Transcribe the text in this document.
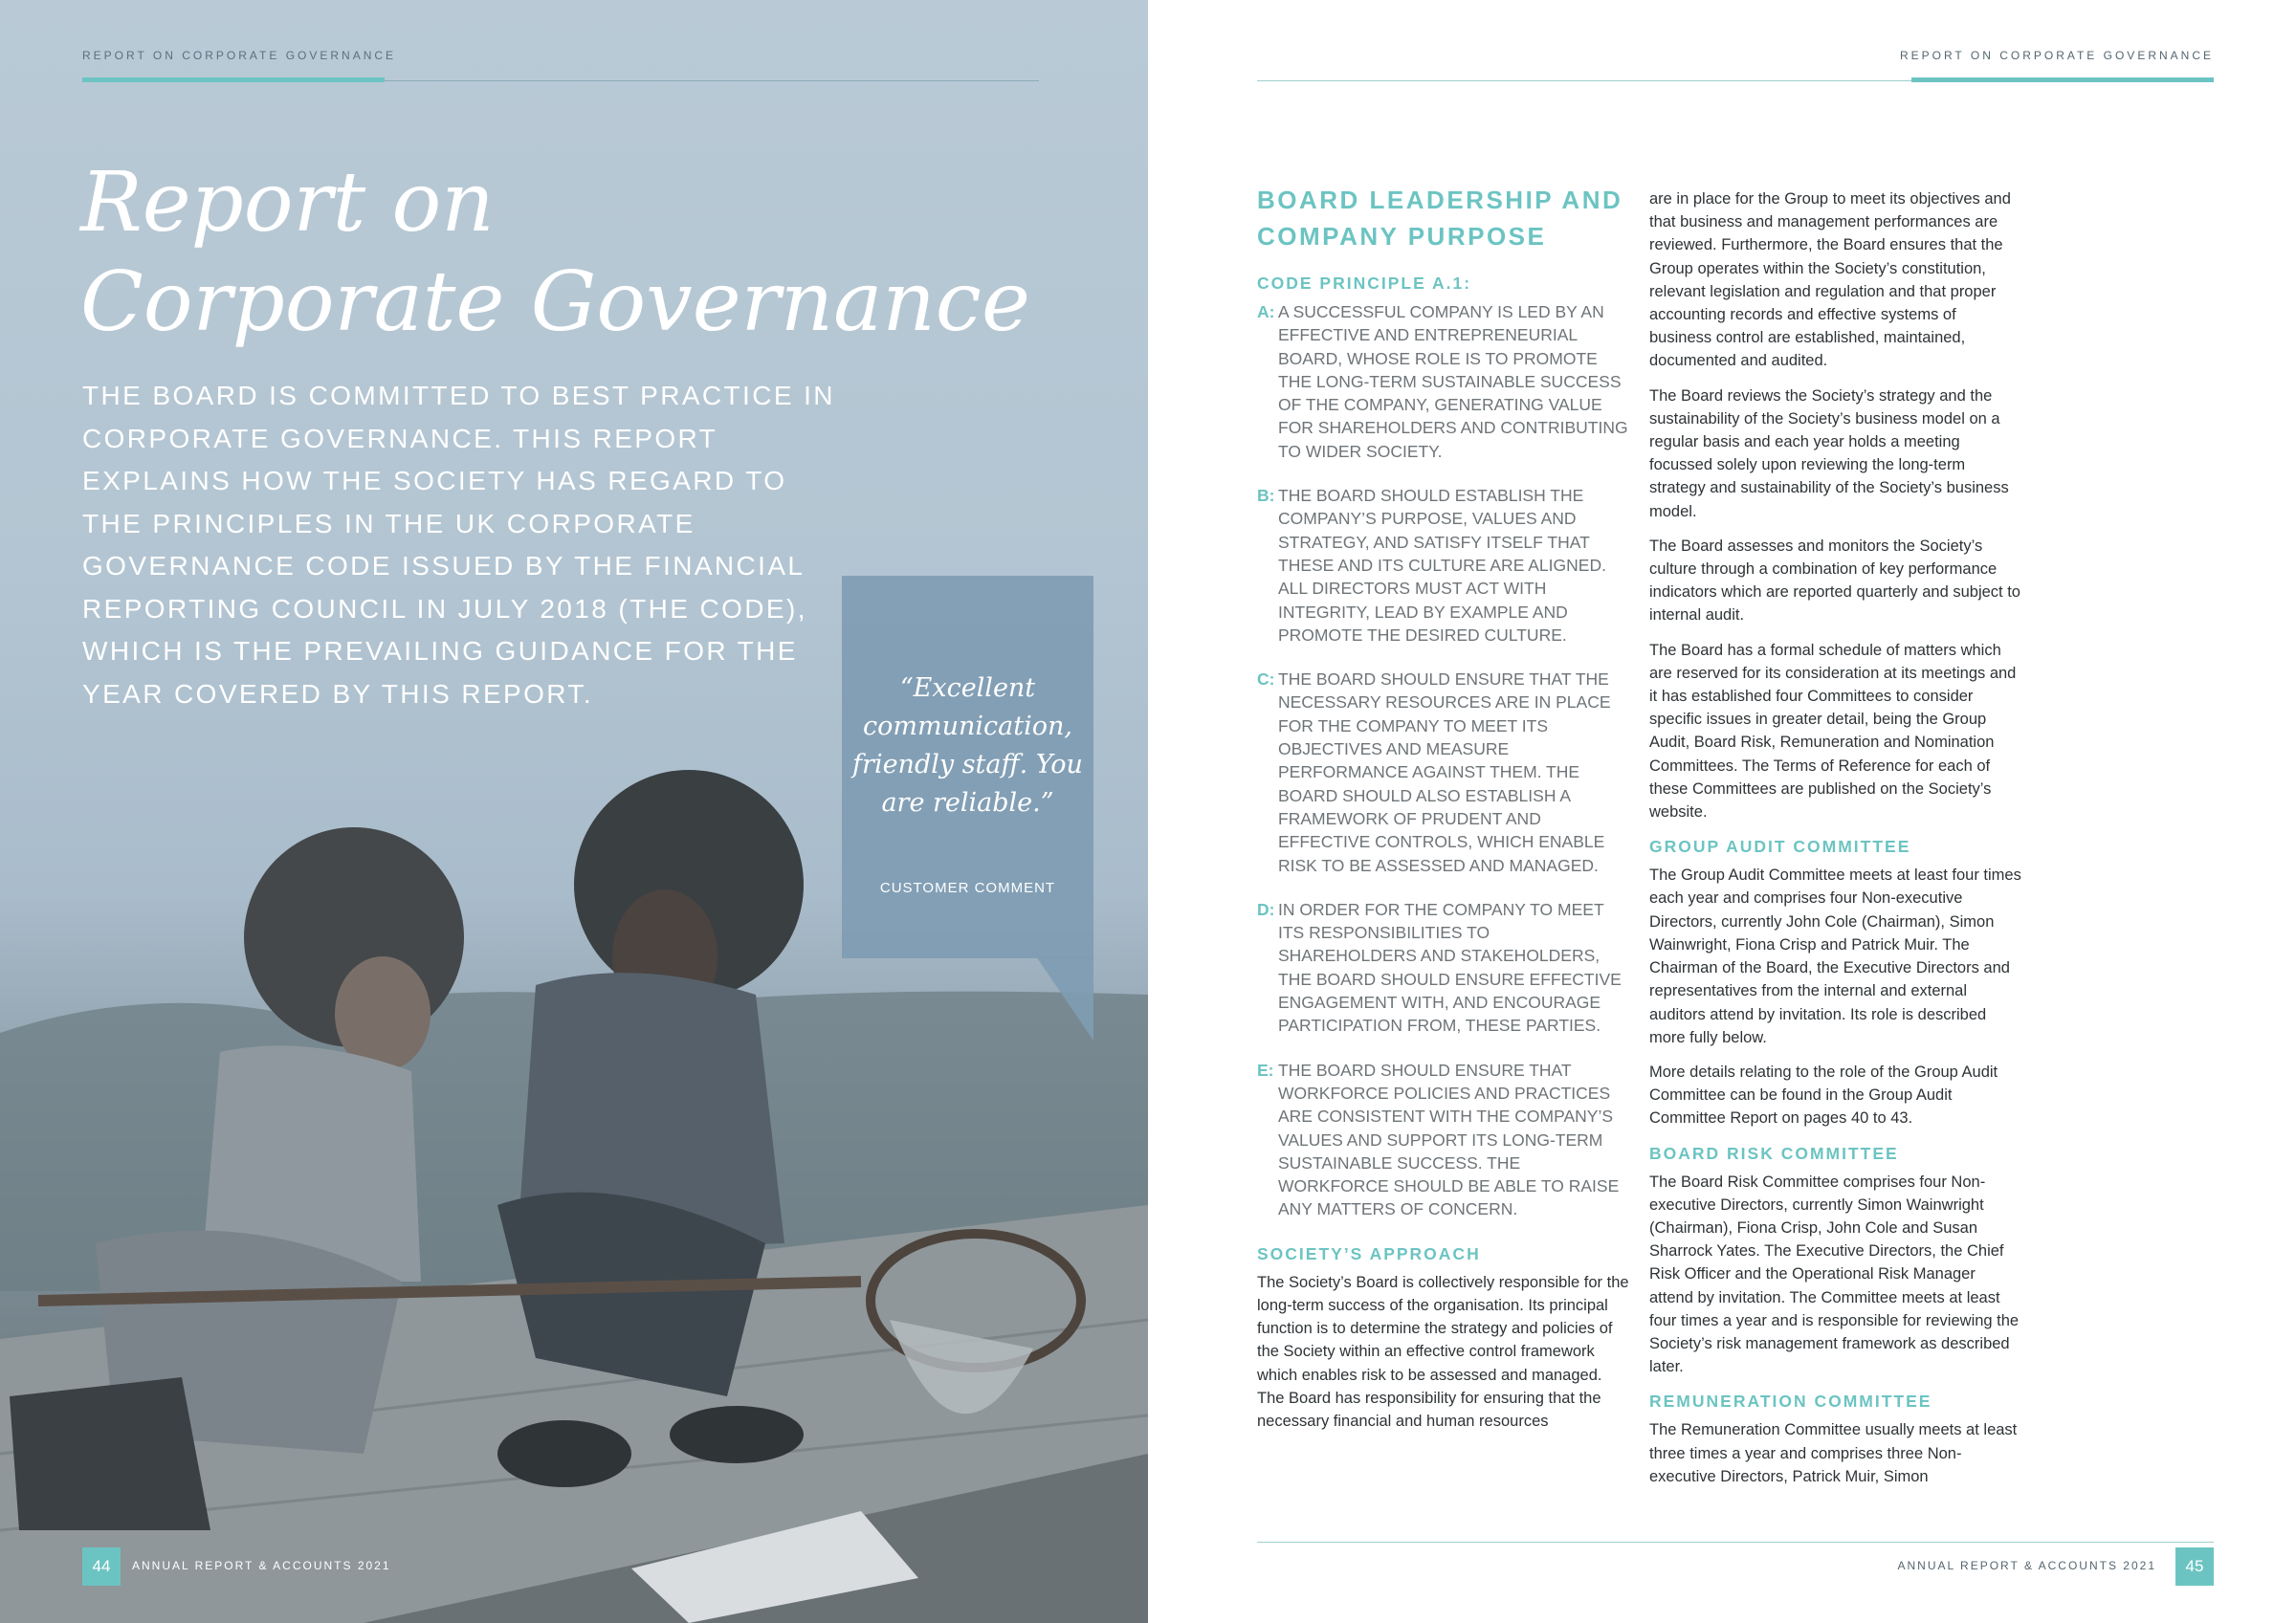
REPORT ON CORPORATE GOVERNANCE
Report on
Corporate Governance
THE BOARD IS COMMITTED TO BEST PRACTICE IN CORPORATE GOVERNANCE. THIS REPORT EXPLAINS HOW THE SOCIETY HAS REGARD TO THE PRINCIPLES IN THE UK CORPORATE GOVERNANCE CODE ISSUED BY THE FINANCIAL REPORTING COUNCIL IN JULY 2018 (THE CODE), WHICH IS THE PREVAILING GUIDANCE FOR THE YEAR COVERED BY THIS REPORT.	“Excellent communication, friendly staff. You are reliable.”
CUSTOMER COMMENT
44	ANNUAL REPORT & ACCOUNTS 2021
REPORT ON CORPORATE GOVERNANCE
BOARD LEADERSHIP AND COMPANY PURPOSE
CODE PRINCIPLE A.1:
A: A SUCCESSFUL COMPANY IS LED BY AN EFFECTIVE AND ENTREPRENEURIAL BOARD, WHOSE ROLE IS TO PROMOTE THE LONG-TERM SUSTAINABLE SUCCESS OF THE COMPANY, GENERATING VALUE FOR SHAREHOLDERS AND CONTRIBUTING TO WIDER SOCIETY.
B: THE BOARD SHOULD ESTABLISH THE COMPANY’S PURPOSE, VALUES AND STRATEGY, AND SATISFY ITSELF THAT THESE AND ITS CULTURE ARE ALIGNED. ALL DIRECTORS MUST ACT WITH INTEGRITY, LEAD BY EXAMPLE AND PROMOTE THE DESIRED CULTURE.
C: THE BOARD SHOULD ENSURE THAT THE NECESSARY RESOURCES ARE IN PLACE FOR THE COMPANY TO MEET ITS OBJECTIVES AND MEASURE PERFORMANCE AGAINST THEM. THE BOARD SHOULD ALSO ESTABLISH A FRAMEWORK OF PRUDENT AND EFFECTIVE CONTROLS, WHICH ENABLE RISK TO BE ASSESSED AND MANAGED.
D: IN ORDER FOR THE COMPANY TO MEET ITS RESPONSIBILITIES TO SHAREHOLDERS AND STAKEHOLDERS, THE BOARD SHOULD ENSURE EFFECTIVE ENGAGEMENT WITH, AND ENCOURAGE PARTICIPATION FROM, THESE PARTIES.
E: THE BOARD SHOULD ENSURE THAT WORKFORCE POLICIES AND PRACTICES ARE CONSISTENT WITH THE COMPANY’S VALUES AND SUPPORT ITS LONG-TERM SUSTAINABLE SUCCESS. THE WORKFORCE SHOULD BE ABLE TO RAISE ANY MATTERS OF CONCERN.
SOCIETY’S APPROACH

The Society’s Board is collectively responsible for the long-term success of the organisation. Its principal function is to determine the strategy and policies of the Society within an effective control framework which enables risk to be assessed and managed. The Board has responsibility for ensuring that the necessary financial and human resources

are in place for the Group to meet its objectives and that business and management performances are reviewed. Furthermore, the Board ensures that the Group operates within the Society’s constitution, relevant legislation and regulation and that proper accounting records and effective systems of business control are established, maintained, documented and audited.

The Board reviews the Society’s strategy and the sustainability of the Society’s business model on a regular basis and each year holds a meeting focussed solely upon reviewing the long-term strategy and sustainability of the Society’s business model.

The Board assesses and monitors the Society’s culture through a combination of key performance indicators which are reported quarterly and subject to internal audit.

The Board has a formal schedule of matters which are reserved for its consideration at its meetings and it has established four Committees to consider specific issues in greater detail, being the Group Audit, Board Risk, Remuneration and Nomination Committees. The Terms of Reference for each of these Committees are published on the Society’s website.

GROUP AUDIT COMMITTEE

The Group Audit Committee meets at least four times each year and comprises four Non-executive Directors, currently John Cole (Chairman), Simon Wainwright, Fiona Crisp and Patrick Muir. The Chairman of the Board, the Executive Directors and representatives from the internal and external auditors attend by invitation. Its role is described more fully below.

More details relating to the role of the Group Audit Committee can be found in the Group Audit Committee Report on pages 40 to 43.

BOARD RISK COMMITTEE

The Board Risk Committee comprises four Non-executive Directors, currently Simon Wainwright (Chairman), Fiona Crisp, John Cole and Susan Sharrock Yates. The Executive Directors, the Chief Risk Officer and the Operational Risk Manager attend by invitation. The Committee meets at least four times a year and is responsible for reviewing the Society’s risk management framework as described later.

REMUNERATION COMMITTEE

The Remuneration Committee usually meets at least three times a year and comprises three Non-executive Directors, Patrick Muir, Simon

ANNUAL REPORT & ACCOUNTS 2021	45
